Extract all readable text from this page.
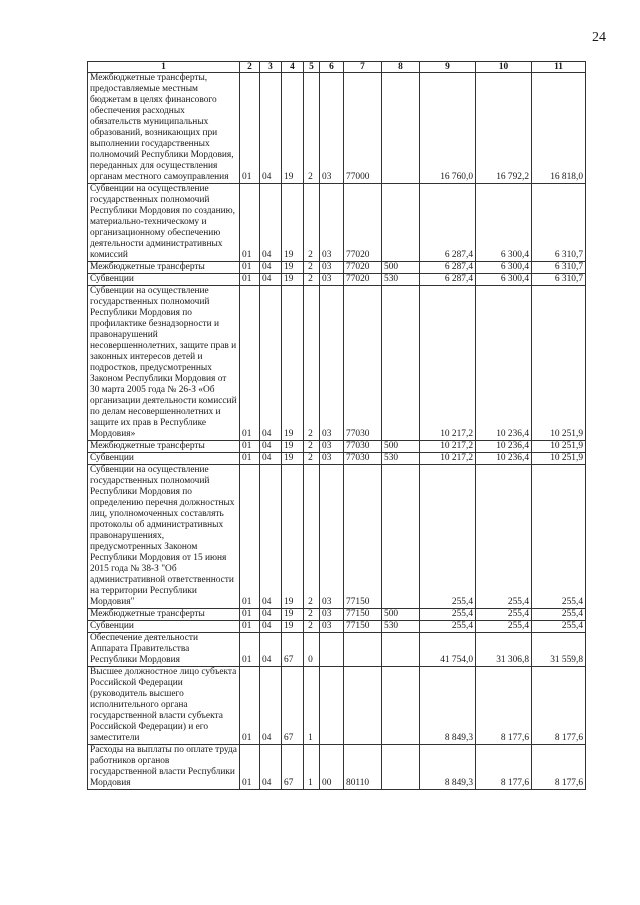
24
1	2	3	4	5	6	7	8	9	10	11
Межбюджетные трансферты, предоставляемые местным бюджетам в целях финансового обеспечения расходных обязательств муниципальных образований, возникающих при выполнении государственных полномочий Республики Мордовия, переданных для осуществления органам местного самоуправления	01	04	19	2	03	77000		16 760,0	16 792,2	16 818,0
Субвенции на осуществление государственных полномочий Республики Мордовия по созданию, материально-техническому и организационному обеспечению деятельности административных комиссий	01	04	19	2	03	77020		6 287,4	6 300,4	6 310,7
Межбюджетные трансферты	01	04	19	2	03	77020	500	6 287,4	6 300,4	6 310,7
Субвенции	01	04	19	2	03	77020	530	6 287,4	6 300,4	6 310,7
Субвенции на осуществление государственных полномочий Республики Мордовия по профилактике безнадзорности и правонарушений несовершеннолетних, защите прав и законных интересов детей и подростков, предусмотренных Законом Республики Мордовия от 30 марта 2005 года № 26-З «Об организации деятельности комиссий по делам несовершеннолетних и защите их прав в Республике Мордовия»	01	04	19	2	03	77030		10 217,2	10 236,4	10 251,9
Межбюджетные трансферты	01	04	19	2	03	77030	500	10 217,2	10 236,4	10 251,9
Субвенции	01	04	19	2	03	77030	530	10 217,2	10 236,4	10 251,9
Субвенции на осуществление государственных полномочий Республики Мордовия по определению перечня должностных лиц, уполномоченных составлять протоколы об административных правонарушениях, предусмотренных Законом Республики Мордовия от 15 июня 2015 года № 38-З "Об административной ответственности на территории Республики Мордовия"	01	04	19	2	03	77150		255,4	255,4	255,4
Межбюджетные трансферты	01	04	19	2	03	77150	500	255,4	255,4	255,4
Субвенции	01	04	19	2	03	77150	530	255,4	255,4	255,4
Обеспечение деятельности Аппарата Правительства Республики Мордовия	01	04	67	0				41 754,0	31 306,8	31 559,8
Высшее должностное лицо субъекта Российской Федерации (руководитель высшего исполнительного органа государственной власти субъекта Российской Федерации) и его заместители	01	04	67	1				8 849,3	8 177,6	8 177,6
Расходы на выплаты по оплате труда работников органов государственной власти Республики Мордовия	01	04	67	1	00	80110		8 849,3	8 177,6	8 177,6
